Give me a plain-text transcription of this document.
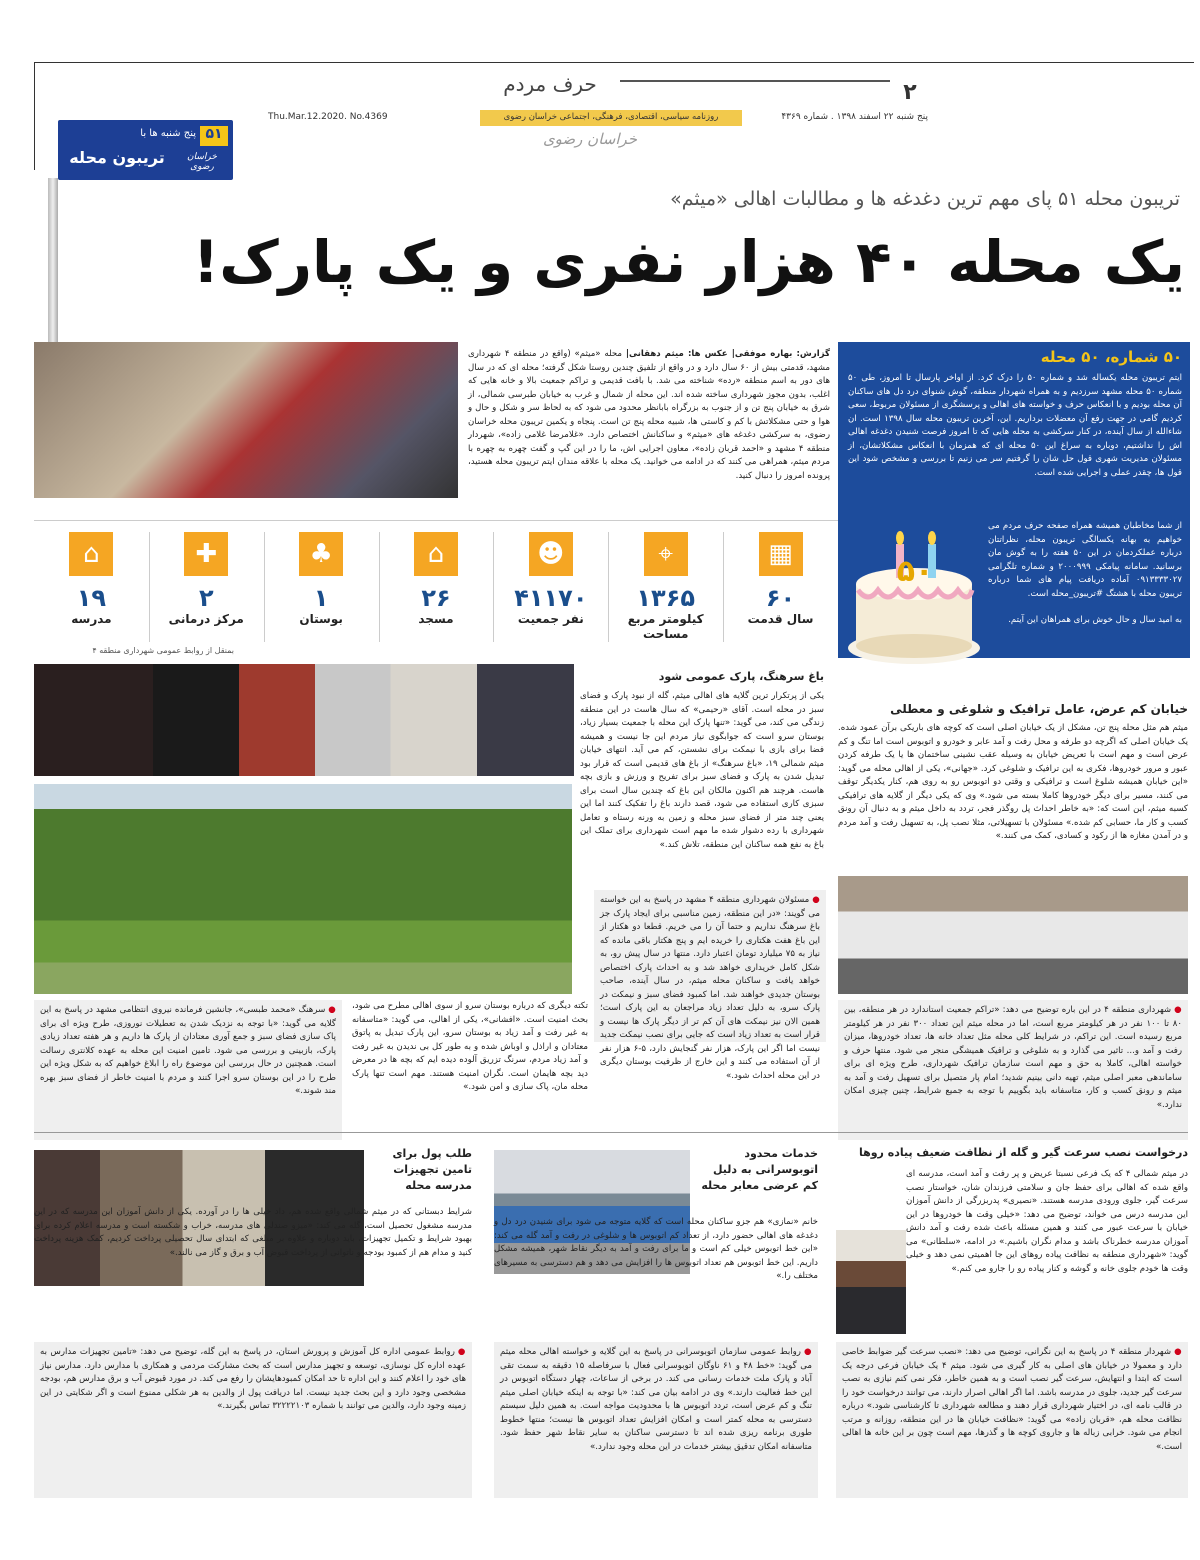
۲
حرف مردم
پنج شنبه ۲۲ اسفند ۱۳۹۸ . شماره ۴۳۶۹
روزنامه سیاسی، اقتصادی، فرهنگی، اجتماعی خراسان رضوی
Thu.Mar.12.2020. No.4369
خراسان رضوی
۵۱
پنج شنبه ها با
تریبون محله	خراسان رضوی
تریبون محله ۵۱ پای مهم ترین دغدغه ها و مطالبات اهالی «میثم»
یک محله ۴۰ هزار نفری و یک پارک!
۵۰ شماره، ۵۰ محله
ایتم تریبون محله یکساله شد و شماره ۵۰ را درک کرد. از اواخر پارسال تا امروز، طی ۵۰ شماره ۵۰ محله مشهد سرزدیم و به همراه شهردار منطقه، گوش شنوای درد دل های ساکنان آن محله بودیم و با انعکاس حرف و خواسته های اهالی و پرسشگری از مسئولان مربوط، سعی کردیم گامی در جهت رفع آن معضلات برداریم. این، آخرین تریبون محله سال ۱۳۹۸ است. ان شاءالله از سال آینده، در کنار سرکشی به محله هایی که تا امروز فرصت شنیدن دغدغه اهالی اش را نداشتیم، دوباره به سراغ این ۵۰ محله ای که همزمان با انعکاس مشکلاتشان، از مسئولان مدیریت شهری قول حل شان را گرفتیم سر می زنیم تا بررسی و مشخص شود این قول ها، چقدر عملی و اجرایی شده است.
از شما مخاطبان همیشه همراه صفحه حرف مردم می خواهیم به بهانه یکسالگی تریبون محله، نظراتتان درباره عملکردمان در این ۵۰ هفته را به گوش مان برسانید. سامانه پیامکی ۲۰۰۰۹۹۹ و شماره تلگرامی ۰۹۱۳۳۳۳۰۲۷ آماده دریافت پیام های شما درباره تریبون محله با هشتگ #تریبون_محله است.
به امید سال و حال خوش برای همراهان این آیتم.
۵۰
گزارش: بهاره موفقی| عکس ها: میثم دهقانی| محله «میثم» (واقع در منطقه ۴ شهرداری مشهد، قدمتی بیش از ۶۰ سال دارد و در واقع از تلفیق چندین روستا شکل گرفته؛ محله ای که در سال های دور به اسم منطقه «رده» شناخته می شد. با بافت قدیمی و تراکم جمعیت بالا و خانه هایی که اغلب، بدون مجوز شهرداری ساخته شده اند. این محله از شمال و غرب به خیابان طبرسی شمالی، از شرق به خیابان پنج تن و از جنوب به بزرگراه بابانظر محدود می شود که به لحاظ سر و شکل و حال و هوا و حتی مشکلاتش با کم و کاستی ها، شبیه محله پنج تن است. پنجاه و یکمین تریبون محله خراسان رضوی، به سرکشی دغدغه های «میثم» و ساکنانش اختصاص دارد. «غلامرضا غلامی زاده»، شهردار منطقه ۴ مشهد و «احمد قربان زاده»، معاون اجرایی اش، ما را در این گپ و گفت چهره به چهره با مردم میثم، همراهی می کنند که در ادامه می خوانید. یک محله با علاقه مندان ایتم تریبون محله هستید، پرونده امروز را دنبال کنید.
▦
۶۰
سال قدمت
⌖
۱۳۶۵
کیلومتر مربع مساحت
☻
۴۱۱۷۰
نفر جمعیت
⌂
۲۶
مسجد
♣
۱
بوستان
✚
۲
مرکز درمانی
⌂
۱۹
مدرسه
بمنقل از روابط عمومی شهرداری منطقه ۴
باغ سرهنگ، پارک عمومی شود
یکی از پرتکرار ترین گلایه های اهالی میثم، گله از نبود پارک و فضای سبز در محله است. آقای «رحیمی» که سال هاست در این منطقه زندگی می کند، می گوید: «تنها پارک این محله با جمعیت بسیار زیاد، بوستان سرو است که جوابگوی نیاز مردم این جا نیست و همیشه فضا برای بازی با نیمکت برای نشستن، کم می آید. انتهای خیابان میثم شمالی ۱۹، «باغ سرهنگ» از باغ های قدیمی است که قرار بود تبدیل شدن به پارک و فضای سبز برای تفریح و ورزش و بازی بچه هاست. هرچند هم اکنون مالکان این باغ که چندین سال است برای سبزی کاری استفاده می شود، قصد دارند باغ را تفکیک کنند اما این یعنی چند متر از فضای سبز محله و زمین به ورنه رستاه و تعامل شهرداری با رده دشوار شده ما مهم است شهرداری برای تملک این باغ به نفع همه ساکنان این منطقه، تلاش کند.»
● مسئولان شهرداری منطقه ۴ مشهد در پاسخ به این خواسته می گویند: «در این منطقه، زمین مناسبی برای ایجاد پارک جز باغ سرهنگ نداریم و حتما آن را می خریم. قطعا دو هکتار از این باغ هفت هکتاری را خریده ایم و پنج هکتار باقی مانده که نیاز به ۷۵ میلیارد تومان اعتبار دارد. منتها در سال پیش رو، به شکل کامل خریداری خواهد شد و به احداث پارک اختصاص خواهد یافت و ساکنان محله میثم، در سال آینده، صاحب بوستان جدیدی خواهند شد. اما کمبود فضای سبز و نیمکت در پارک سرو، به دلیل تعداد زیاد مراجعان به این پارک است؛ همین الان نیز نیمکت های آن کم تر از دیگر پارک ها نیست و قرار است به تعداد زیاد است که جایی برای نصب نیمکت جدید نیست اما اگر این پارک، هزار نفر گنجایش دارد، ۵-۶ هزار نفر از آن استفاده می کنند و این خارج از ظرفیت بوستان دیگری در این محله احداث شود.»
تکته دیگری که درباره بوستان سرو از سوی اهالی مطرح می شود، بحث امنیت است. «افشانی»، یکی از اهالی، می گوید: «متاسفانه به غیر رفت و آمد زیاد به بوستان سرو، این پارک تبدیل به پاتوق معتادان و اراذل و اوباش شده و به طور کل بی ندیدن به غیر رفت و آمد زیاد مردم، سرنگ تزریق آلوده دیده ایم که بچه ها در معرض دید بچه هایمان است. نگران امنیت هستند. مهم است تنها پارک محله مان، پاک سازی و امن شود.»
● سرهنگ «محمد طبسی»، جانشین فرمانده نیروی انتظامی مشهد در پاسخ به این گلایه می گوید: «با توجه به نزدیک شدن به تعطیلات نوروزی، طرح ویژه ای برای پاک سازی فضای سبز و جمع آوری معتادان از پارک ها داریم و هر هفته تعداد زیادی پارک، بازبینی و بررسی می شود. تامین امنیت این محله به عهده کلانتری رسالت است. همچنین در حال بررسی این موضوع راه را ابلاغ خواهیم که به شکل ویژه این طرح را در این بوستان سرو اجرا کنند و مردم با امنیت خاطر از فضای سبز بهره مند شوند.»
خیابان کم عرض، عامل ترافیک و شلوغی و معطلی
میثم هم مثل محله پنج تن، مشکل از یک خیابان اصلی است که کوچه های باریکی برآن عمود شده. یک خیابان اصلی که اگرچه دو طرفه و محل رفت و آمد عابر و خودرو و اتوبوس است اما تنگ و کم عرض است و مهم است با تعریض خیابان به وسیله عقب نشینی ساختمان ها یا یک طرفه کردن عبور و مرور خودروها، فکری به این ترافیک و شلوغی کرد. «جهانی»، یکی از اهالی محله می گوید: «این خیابان همیشه شلوغ است و ترافیکی و وقتی دو اتوبوس رو به روی هم، کنار یکدیگر توقف می کنند، مسیر برای دیگر خودروها کاملا بسته می شود.» وی که یکی دیگر از گلایه های ترافیکی کسبه میثم، این است که: «به خاطر احداث پل روگذر فجر، تردد به داخل میثم و به دنبال آن رونق کسب و کار ما، حسابی کم شده.» مسئولان با تسهیلاتی، مثلا نصب پل، به تسهیل رفت و آمد مردم و در آمدن مغازه ها از رکود و کسادی، کمک می کنند.»
● شهرداری منطقه ۴ در این باره توضیح می دهد: «تراکم جمعیت استاندارد در هر منطقه، بین ۸۰ تا ۱۰۰ نفر در هر کیلومتر مربع است، اما در محله میثم این تعداد ۳۰۰ نفر در هر کیلومتر مربع رسیده است. این تراکم، در شرایط کلی محله مثل تعداد خانه ها، تعداد خودروها، میزان رفت و آمد و... تاثیر می گذارد و به شلوغی و ترافیک همیشگی منجر می شود. منتها حرف و خواسته اهالی، کاملا به حق و مهم است سازمان ترافیک شهرداری، طرح ویژه ای برای ساماندهی معبر اصلی میثم، تهیه دانی بینیم شدید؛ امام پار متصیل برای تسهیل رفت و آمد به میثم و رونق کسب و کار، متاسفانه باید بگوییم با توجه به جمیع شرایط، چنین چیزی امکان ندارد.»
درخواست نصب سرعت گیر و گله از نظافت ضعیف پیاده روها
در میثم شمالی ۴ که یک فرعی نسبتا عریض و پر رفت و آمد است، مدرسه ای واقع شده که اهالی برای حفظ جان و سلامتی فرزندان شان، خواستار نصب سرعت گیر، جلوی ورودی مدرسه هستند. «نصیری» پدربزرگی از دانش آموزان این مدرسه درس می خواند، توضیح می دهد: «خیلی وقت ها خودروها در این خیابان با سرعت عبور می کنند و همین مسئله باعث شده رفت و آمد دانش آموزان مدرسه خطرناک باشد و مدام نگران باشیم.» در ادامه، «سلطانی» می گوید: «شهرداری منطقه به نظافت پیاده روهای این جا اهمیتی نمی دهد و خیلی وقت ها خودم جلوی خانه و گوشه و کنار پیاده رو را جارو می کنم.»
● شهردار منطقه ۴ در پاسخ به این نگرانی، توضیح می دهد: «نصب سرعت گیر ضوابط خاصی دارد و معمولا در خیابان های اصلی به کار گیری می شود. میثم ۴ یک خیابان فرعی درجه یک است که ابتدا و انتهایش، سرعت گیر نصب است و به همین خاطر، فکر نمی کنم نیازی به نصب سرعت گیر جدید، جلوی در مدرسه باشد. اما اگر اهالی اصرار دارند، می توانند درخواست خود را در قالب نامه ای، در اختیار شهرداری قرار دهند و مطالعه شهرداری تا کارشناسی شود.» درباره نظافت محله هم، «قربان زاده» می گوید: «نظافت خیابان ها در این منطقه، روزانه و مرتب انجام می شود. خرابی زباله ها و جاروی کوچه ها و گذرها، مهم است چون بر این خانه ها اهالی است.»
خدمات محدود اتوبوسرانی به دلیل کم عرضی معابر محله
خانم «نمازی» هم جزو ساکنان محله است که گلایه متوجه می شود برای شنیدن درد دل و دغدغه های اهالی حضور دارد، از تعداد کم اتوبوس ها و شلوغی در رفت و آمد گله می کند: «این خط اتوبوس خیلی کم است و ما برای رفت و آمد به دیگر نقاط شهر، همیشه مشکل داریم. این خط اتوبوس هم تعداد اتوبوس ها را افزایش می دهد و هم دسترسی به مسیرهای مختلف را.»
● روابط عمومی سازمان اتوبوسرانی در پاسخ به این گلایه و خواسته اهالی محله میثم می گوید: «خط ۴۸ و ۶۱ ناوگان اتوبوسرانی فعال با سرفاصله ۱۵ دقیقه به سمت تقی آباد و پارک ملت خدمات رسانی می کند. در برخی از ساعات، چهار دستگاه اتوبوس در این خط فعالیت دارند.» وی در ادامه بیان می کند: «با توجه به اینکه خیابان اصلی میثم تنگ و کم عرض است، تردد اتوبوس ها با محدودیت مواجه است. به همین دلیل سیستم دسترسی به محله کمتر است و امکان افزایش تعداد اتوبوس ها نیست؛ منتها خطوط طوری برنامه ریزی شده اند تا دسترسی ساکنان به سایر نقاط شهر حفظ شود. متاسفانه امکان تدقیق بیشتر خدمات در این محله وجود ندارد.»
طلب پول برای تامین تجهیزات مدرسه محله
شرایط دبستانی که در میثم شمالی واقع شده هم، داد خیلی ها را در آورده. یکی از دانش آموزان این مدرسه که در این مدرسه مشغول تحصیل است، گله می کند: «میزو صندلی های مدرسه، خراب و شکسته است و مدرسه اعلام کرده برای بهبود شرایط و تکمیل تجهیزات، باید دوباره و علاوه بر مبلغی که ابتدای سال تحصیلی پرداخت کردیم، کمک هزینه پرداخت کنید و مدام هم از کمبود بودجه و ناتوانی از پرداخت قبوض آب و برق و گاز می نالند.»
● روابط عمومی اداره کل آموزش و پرورش استان، در پاسخ به این گله، توضیح می دهد: «تامین تجهیزات مدارس به عهده اداره کل نوسازی، توسعه و تجهیز مدارس است که بحث مشارکت مردمی و همکاری با مدارس دارد. مدارس نیاز های خود را اعلام کنند و این اداره تا حد امکان کمبودهایشان را رفع می کند. در مورد قبوض آب و برق مدارس هم، بودجه مشخصی وجود دارد و این بحث جدید نیست. اما دریافت پول از والدین به هر شکلی ممنوع است و اگر شکایتی در این زمینه وجود دارد، والدین می توانند با شماره ۳۲۲۲۲۱۰۳ تماس بگیرند.»
